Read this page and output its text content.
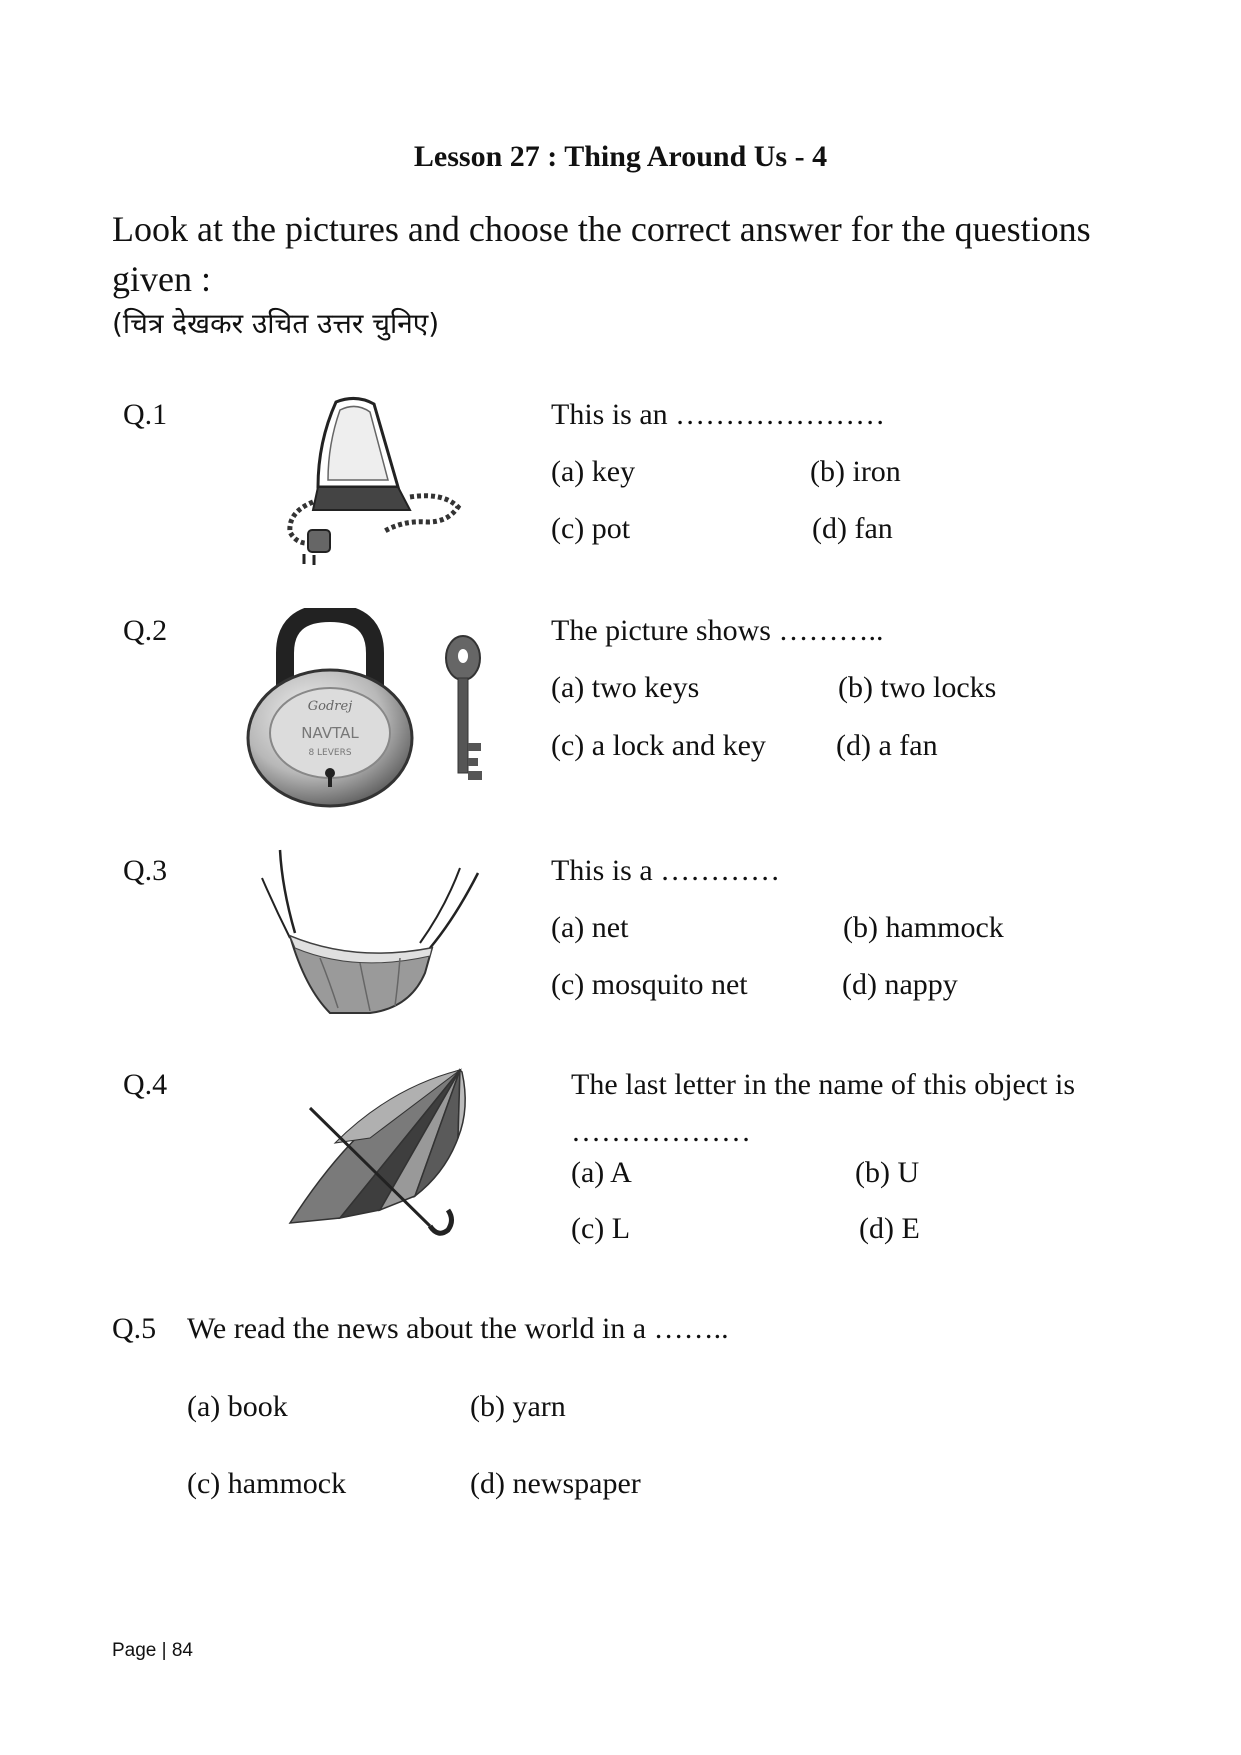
Lesson 27 : Thing Around Us - 4
Look at the pictures and choose the correct answer for the questions given :
(चित्र देखकर उचित उत्तर चुनिए)
Q.1	This is an …………………
(a) key	(b) iron
(c) pot	(d) fan
Q.2
Godrej
NAVTAL
8 LEVERS
The picture shows ………..
(a) two keys	(b) two locks
(c) a lock and key (d) a fan
Q.3	This is a …………
(a) net	(b) hammock
(c) mosquito net	(d) nappy
Q.4	The last letter in the name of this object is
………………
(a) A	(b) U
(c) L	(d) E
Q.5 We read the news about the world in a ……..
(a) book	(b) yarn
(c) hammock	(d) newspaper
Page | 84
